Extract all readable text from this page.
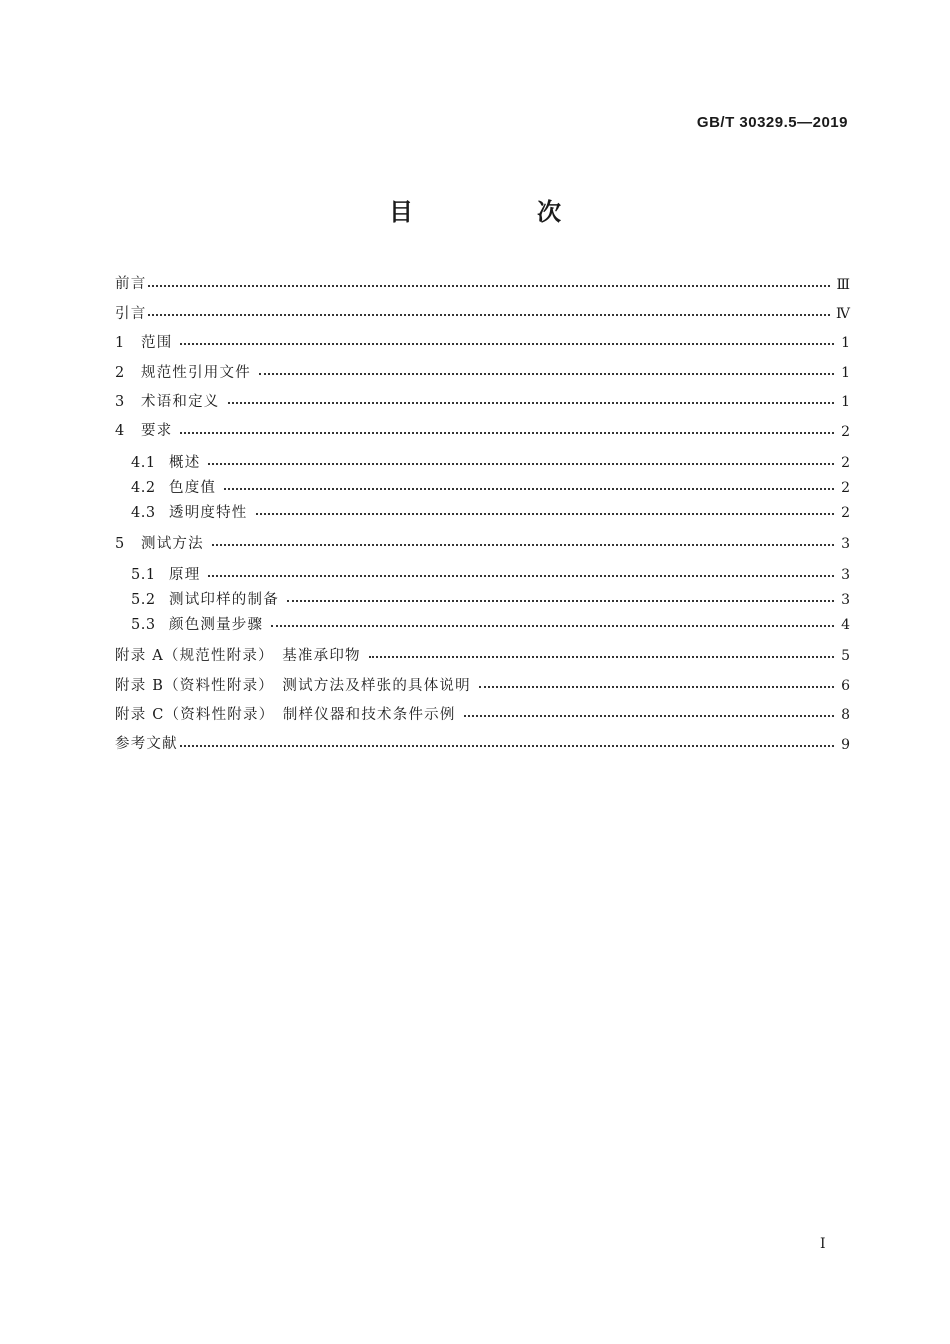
GB/T 30329.5—2019
目　次
前言	Ⅲ
引言	Ⅳ
1	范围	1
2	规范性引用文件	1
3	术语和定义	1
4	要求	2
4.1 概述	2
4.2 色度值	2
4.3 透明度特性	2
5	测试方法	3
5.1 原理	3
5.2 测试印样的制备	3
5.3 颜色测量步骤	4
附录 A（规范性附录）　基准承印物	5
附录 B（资料性附录）　测试方法及样张的具体说明	6
附录 C（资料性附录）　制样仪器和技术条件示例	8
参考文献	9
Ⅰ
